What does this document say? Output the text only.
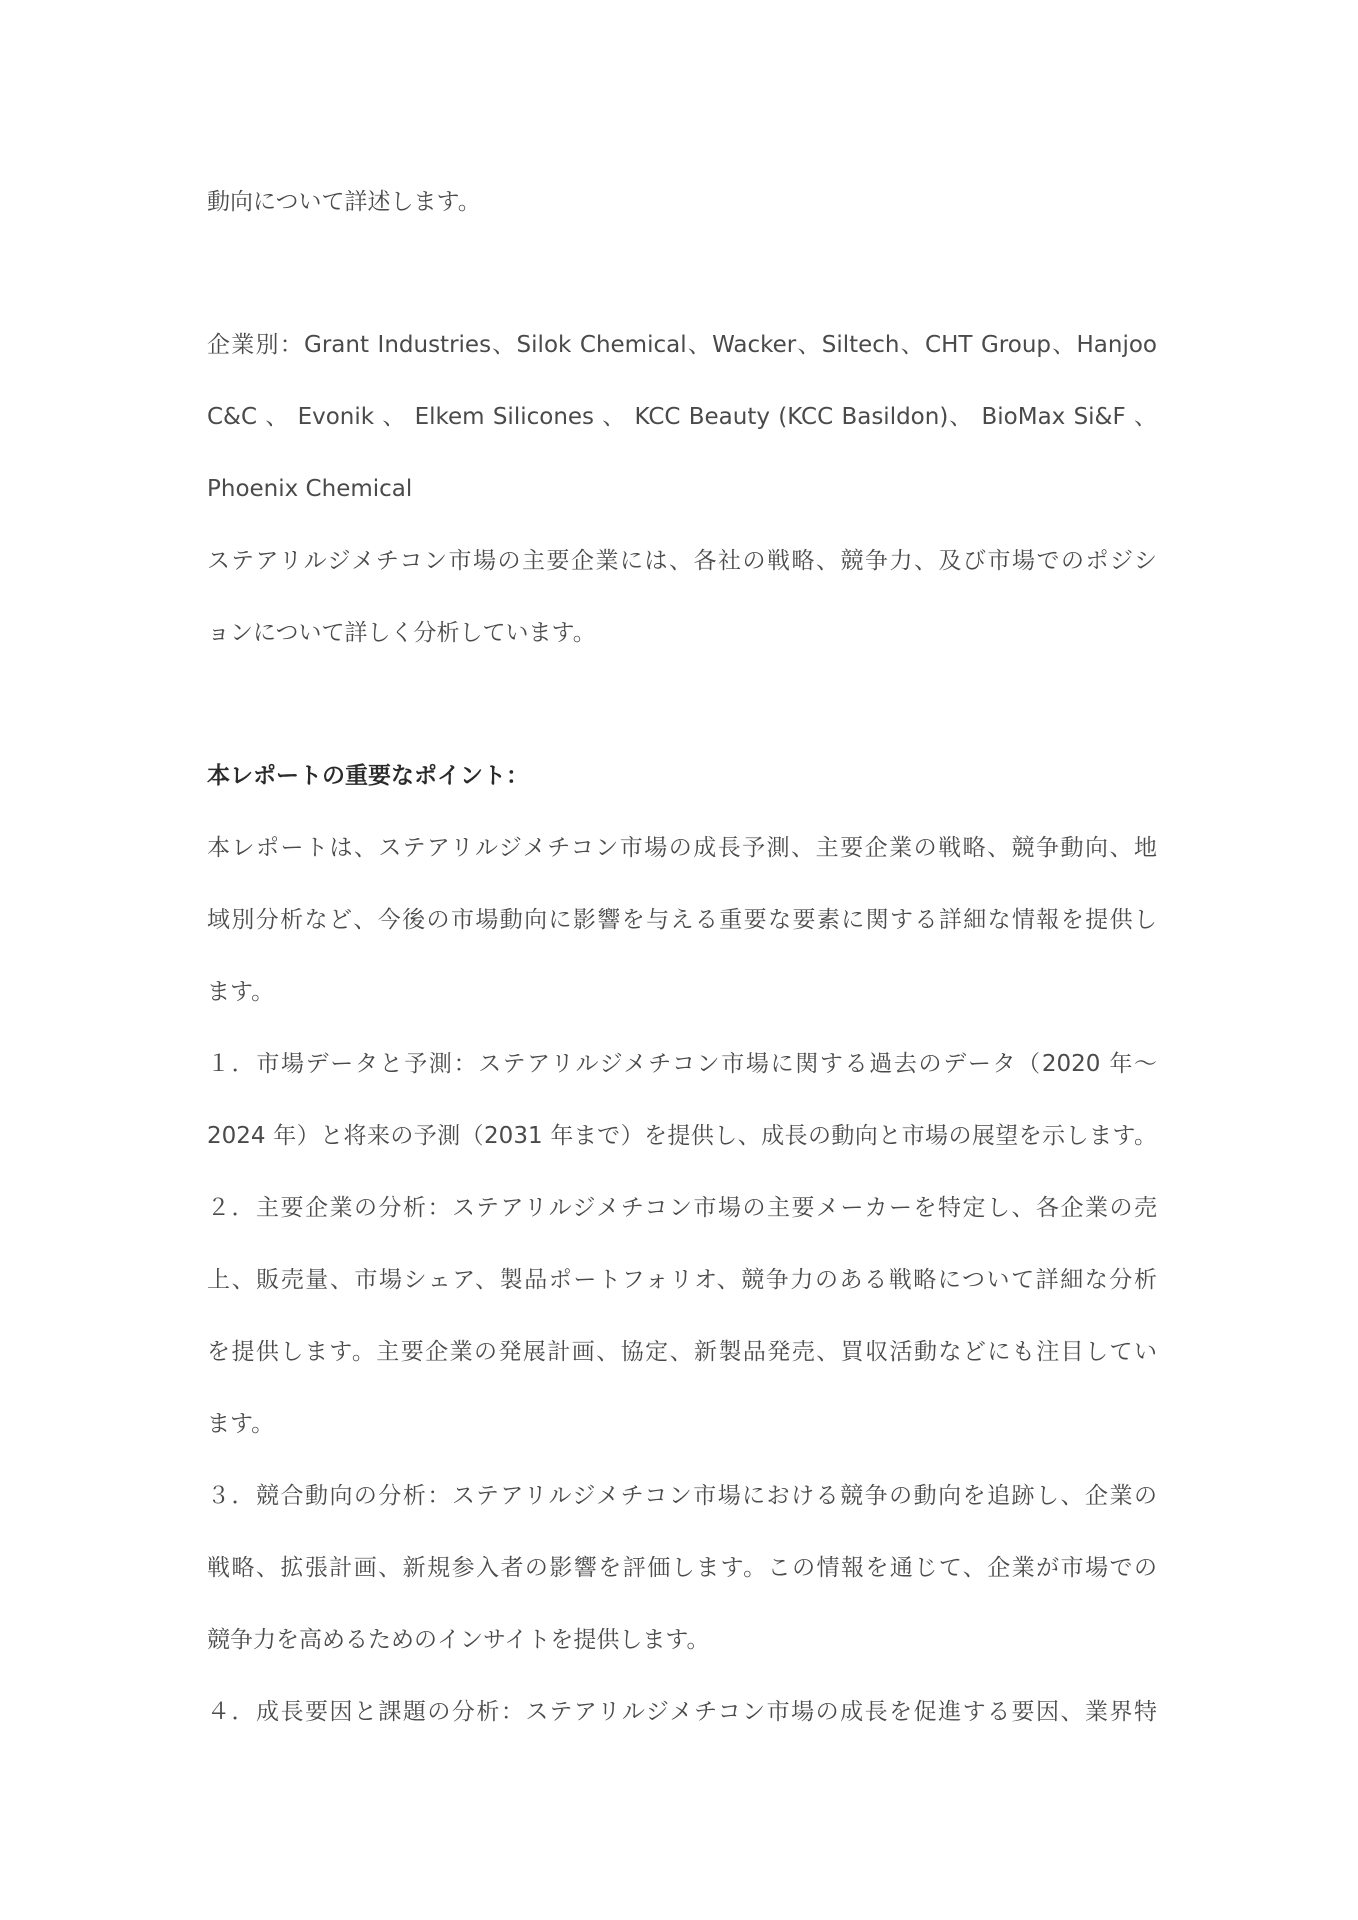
動向について詳述します。
企業別：Grant Industries、Silok Chemical、Wacker、Siltech、CHT Group、Hanjoo
C&C 、 Evonik 、 Elkem Silicones 、 KCC Beauty (KCC Basildon)、 BioMax Si&F 、
Phoenix Chemical
ステアリルジメチコン市場の主要企業には、各社の戦略、競争力、及び市場でのポジシ
ョンについて詳しく分析しています。
本レポートの重要なポイント：
本レポートは、ステアリルジメチコン市場の成長予測、主要企業の戦略、競争動向、地
域別分析など、今後の市場動向に影響を与える重要な要素に関する詳細な情報を提供し
ます。
１．市場データと予測：ステアリルジメチコン市場に関する過去のデータ（2020 年～
2024 年）と将来の予測（2031 年まで）を提供し、成長の動向と市場の展望を示します。
２．主要企業の分析：ステアリルジメチコン市場の主要メーカーを特定し、各企業の売
上、販売量、市場シェア、製品ポートフォリオ、競争力のある戦略について詳細な分析
を提供します。主要企業の発展計画、協定、新製品発売、買収活動などにも注目してい
ます。
３．競合動向の分析：ステアリルジメチコン市場における競争の動向を追跡し、企業の
戦略、拡張計画、新規参入者の影響を評価します。この情報を通じて、企業が市場での
競争力を高めるためのインサイトを提供します。
４．成長要因と課題の分析：ステアリルジメチコン市場の成長を促進する要因、業界特
